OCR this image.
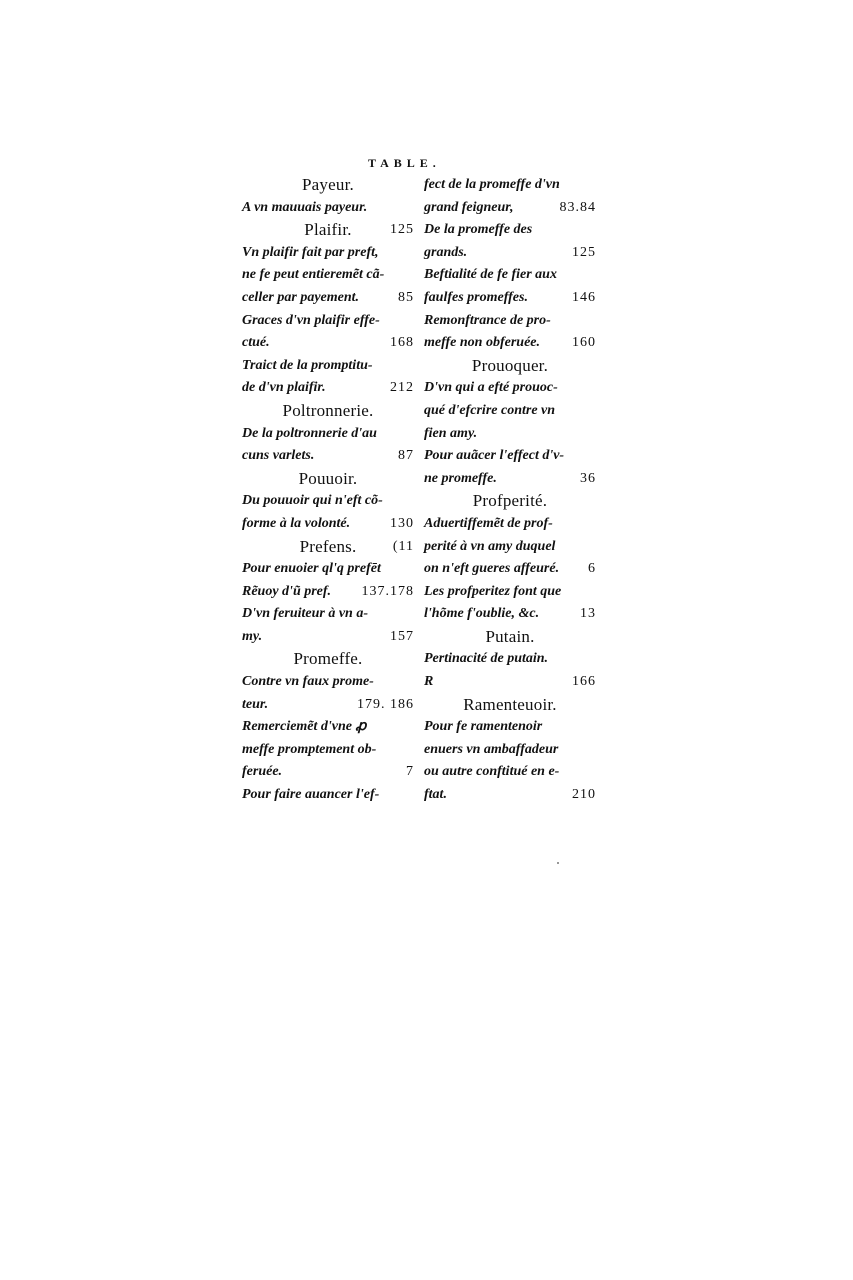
TABLE.
Payeur.
A vn mauuais payeur.
Plaifir.	125
Vn plaifir fait par preft,
ne fe peut entieremẽt cã-
celler par payement.	85
Graces d'vn plaifir effe-
ctué.	168
Traict de la promptitu-
de d'vn plaifir.	212
Poltronnerie.
De la poltronnerie d'au
cuns varlets.	87
Pouuoir.
Du pouuoir qui n'eft cõ-
forme à la volonté.	130
Prefens.	(11
Pour enuoier ql'q prefēt
Rẽuoy d'ũ pref. 137.178
D'vn feruiteur à vn a-
my.	157
Promeffe.
Contre vn faux prome-
teur.	179. 186
Remerciemẽt d'vne ꝓ
meffe promptement ob-
feruée.	7
Pour faire auancer l'ef-
fect de la promeffe d'vn
grand feigneur,	83.84
De la promeffe des
grands.	125
Beftialité de fe fier aux
faulfes promeffes.	146
Remonftrance de pro-
meffe non obferuée. 160
Prouoquer.
D'vn qui a efté prouoc-
qué d'efcrire contre vn
fien amy.
Pour auãcer l'effect d'v-
ne promeffe.	36
Profperité.
Aduertiffemẽt de prof-
perité à vn amy duquel
on n'eft gueres affeuré. 6
Les profperitez font que
l'hõme f'oublie, &c.	13
Putain.
Pertinacité de putain.
R	166
Ramenteuoir.
Pour fe ramentenoir
enuers vn ambaffadeur
ou autre conftitué en e-
ftat.	210
